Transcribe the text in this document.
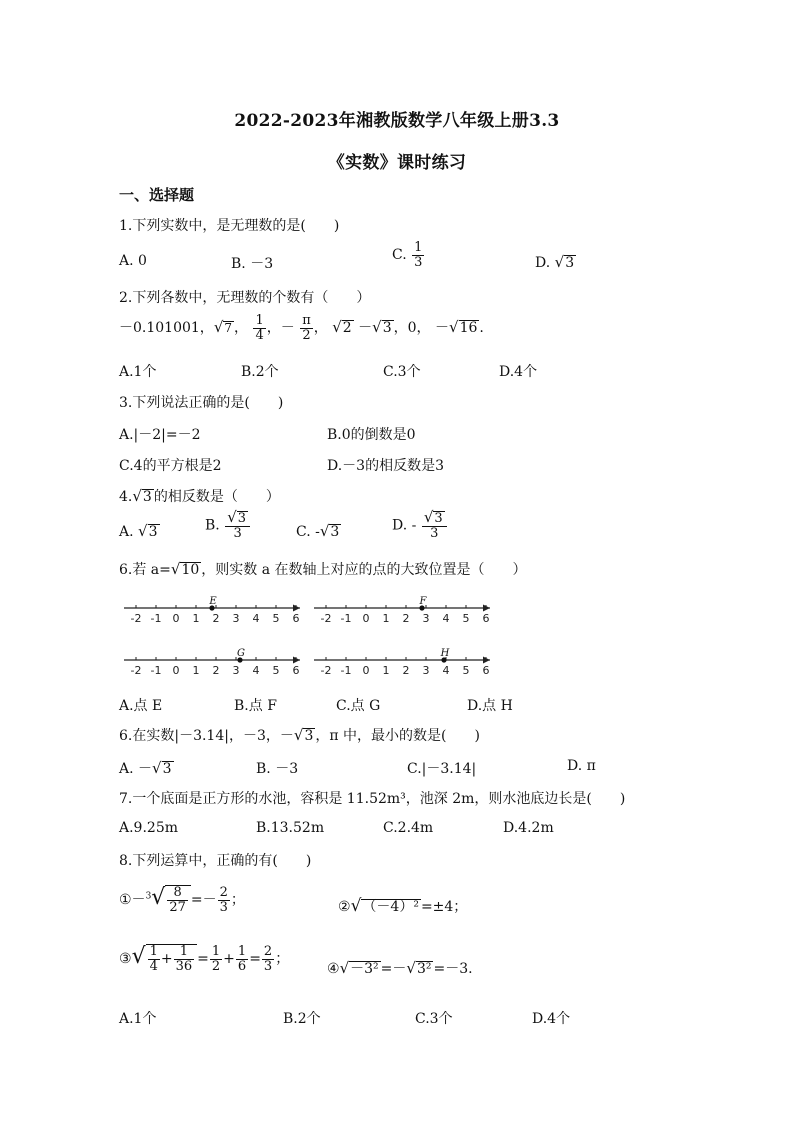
2022-2023年湘教版数学八年级上册3.3
《实数》课时练习
一、选择题
1.下列实数中，是无理数的是(　　)
A. 0	B. －3
C. $\frac{1}{3}$	D. √3
2.下列各数中，无理数的个数有（　　）
－0.101001，√7 ， $\frac{1}{4}$ ，－ $\frac{\pi}{2}$ ， √2 －√3 ，0， －√16 .
A.1个	B.2个	C.3个	D.4个
3.下列说法正确的是(　　)
A.|－2|=－2	B.0的倒数是0
C.4的平方根是2	D.－3的相反数是3
4.√3 的相反数是（　　）
A. √3	B. $\frac{√3}{3}$	C. -√3	D. - $\frac{√3}{3}$
6.若 a=√10 ，则实数 a 在数轴上对应的点的大致位置是（　　）
-2 -1 0 1 2 3 4 5 6
E
-2 -1 0 1 2 3 4 5 6
F
-2 -1 0 1 2 3 4 5 6
G
-2 -1 0 1 2 3 4 5 6
H
A.点 E	B.点 F	C.点 G	D.点 H
6.在实数|－3.14|，－3，－√3 ，π 中，最小的数是(　　)
A. －√3	B. －3	C.|－3.14|	D. π
7.一个底面是正方形的水池，容积是 11.52m³，池深 2m，则水池底边长是(　　)
A.9.25m	B.13.52m	C.2.4m	D.4.2m
8.下列运算中，正确的有(　　)
①－$^3$√ $\frac{8}{27} =- \frac{2}{3}$ ；	②√（－4）² =±4；
③√ $\frac{1}{4} + \frac{1}{36} = \frac{1}{2} + \frac{1}{6} = \frac{2}{3}$ ；
④√－3² =－√3² =－3.
A.1个	B.2个	C.3个	D.4个
